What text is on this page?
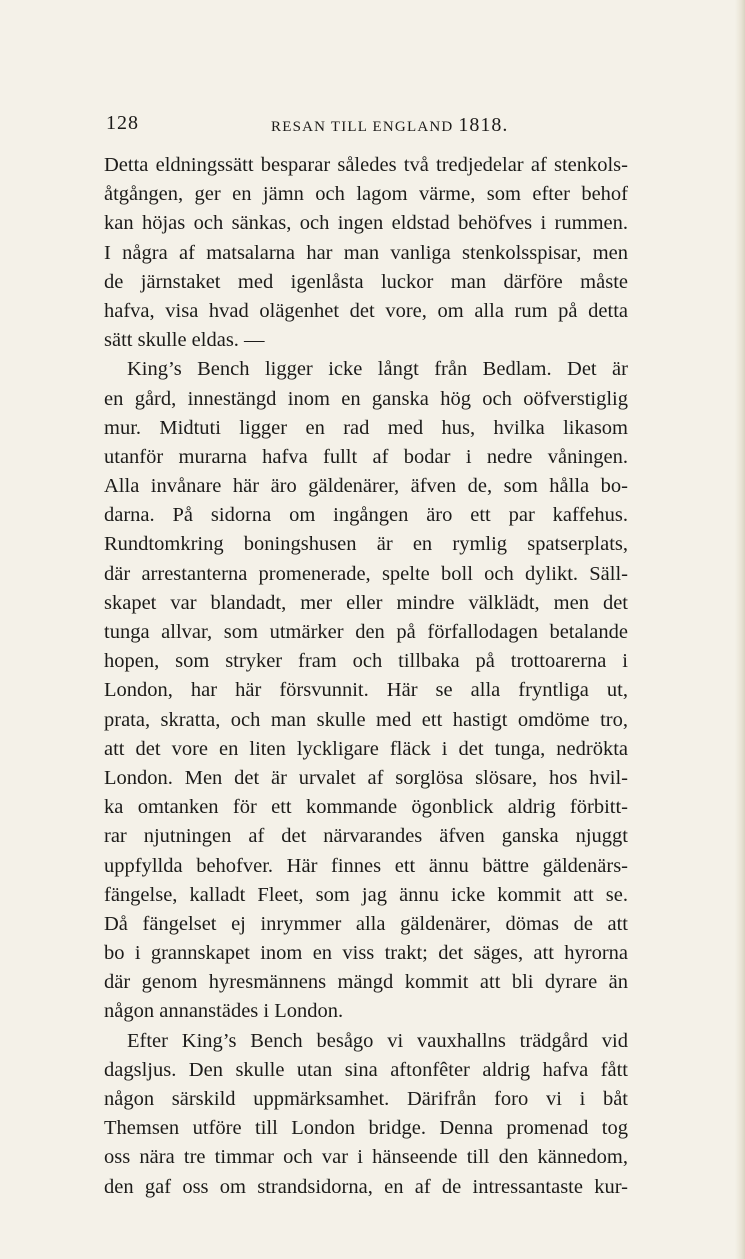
128	RESAN TILL ENGLAND 1818.
Detta eldningssätt besparar således två tredjedelar af stenkols-
åtgången, ger en jämn och lagom värme, som efter behof
kan höjas och sänkas, och ingen eldstad behöfves i rummen.
I några af matsalarna har man vanliga stenkolsspisar, men
de järnstaket med igenlåsta luckor man därföre måste
hafva, visa hvad olägenhet det vore, om alla rum på detta
sätt skulle eldas. —
King’s Bench ligger icke långt från Bedlam. Det är
en gård, innestängd inom en ganska hög och oöfverstiglig
mur. Midtuti ligger en rad med hus, hvilka likasom
utanför murarna hafva fullt af bodar i nedre våningen.
Alla invånare här äro gäldenärer, äfven de, som hålla bo-
darna. På sidorna om ingången äro ett par kaffehus.
Rundtomkring boningshusen är en rymlig spatserplats,
där arrestanterna promenerade, spelte boll och dylikt. Säll-
skapet var blandadt, mer eller mindre välklädt, men det
tunga allvar, som utmärker den på förfallodagen betalande
hopen, som stryker fram och tillbaka på trottoarerna i
London, har här försvunnit. Här se alla fryntliga ut,
prata, skratta, och man skulle med ett hastigt omdöme tro,
att det vore en liten lyckligare fläck i det tunga, nedrökta
London. Men det är urvalet af sorglösa slösare, hos hvil-
ka omtanken för ett kommande ögonblick aldrig förbitt-
rar njutningen af det närvarandes äfven ganska njuggt
uppfyllda behofver. Här finnes ett ännu bättre gäldenärs-
fängelse, kalladt Fleet, som jag ännu icke kommit att se.
Då fängelset ej inrymmer alla gäldenärer, dömas de att
bo i grannskapet inom en viss trakt; det säges, att hyrorna
där genom hyresmännens mängd kommit att bli dyrare än
någon annanstädes i London.
Efter King’s Bench besågo vi vauxhallns trädgård vid
dagsljus. Den skulle utan sina aftonfêter aldrig hafva fått
någon särskild uppmärksamhet. Därifrån foro vi i båt
Themsen utföre till London bridge. Denna promenad tog
oss nära tre timmar och var i hänseende till den kännedom,
den gaf oss om strandsidorna, en af de intressantaste kur-
